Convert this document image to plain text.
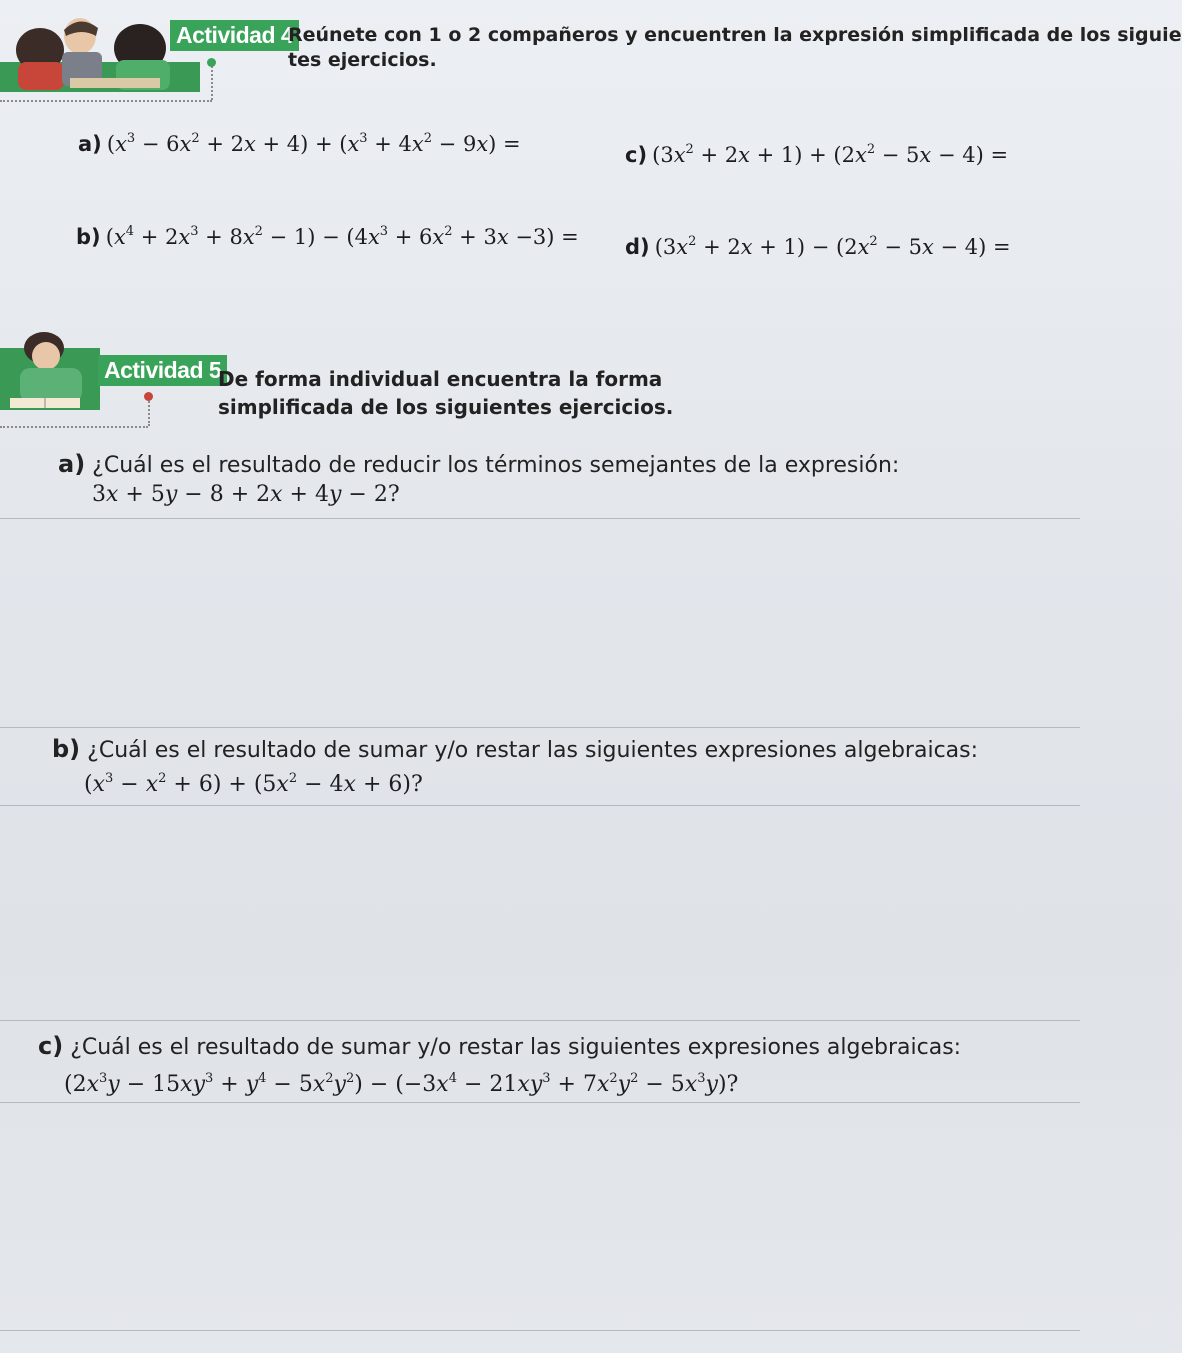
Actividad 4
Reúnete con 1 o 2 compañeros y encuentren la expresión simplificada de los siguie
tes ejercicios.
a) $(x^3 - 6x^2 + 2x + 4) + (x^3 + 4x^2 - 9x)$ =
b) $(x^4 + 2x^3 + 8x^2 - 1) - (4x^3 + 6x^2 + 3x -3)$ =
c) $(3x^2 + 2x + 1) + (2x^2 - 5x - 4)$ =
d) $(3x^2 + 2x + 1) - (2x^2 - 5x - 4)$ =
Actividad 5
De forma individual encuentra la forma
simplificada de los siguientes ejercicios.
a) ¿Cuál es el resultado de reducir los términos semejantes de la expresión:
3x + 5y − 8 + 2x + 4y − 2?
b) ¿Cuál es el resultado de sumar y/o restar las siguientes expresiones algebraicas:
$(x^3 - x^2 + 6) + (5x^2 - 4x + 6)$?
c) ¿Cuál es el resultado de sumar y/o restar las siguientes expresiones algebraicas:
$(2x^3y - 15xy^3 + y^4 - 5x^2y^2) - (-3x^4 - 21xy^3 + 7x^2y^2 - 5x^3y)$?
